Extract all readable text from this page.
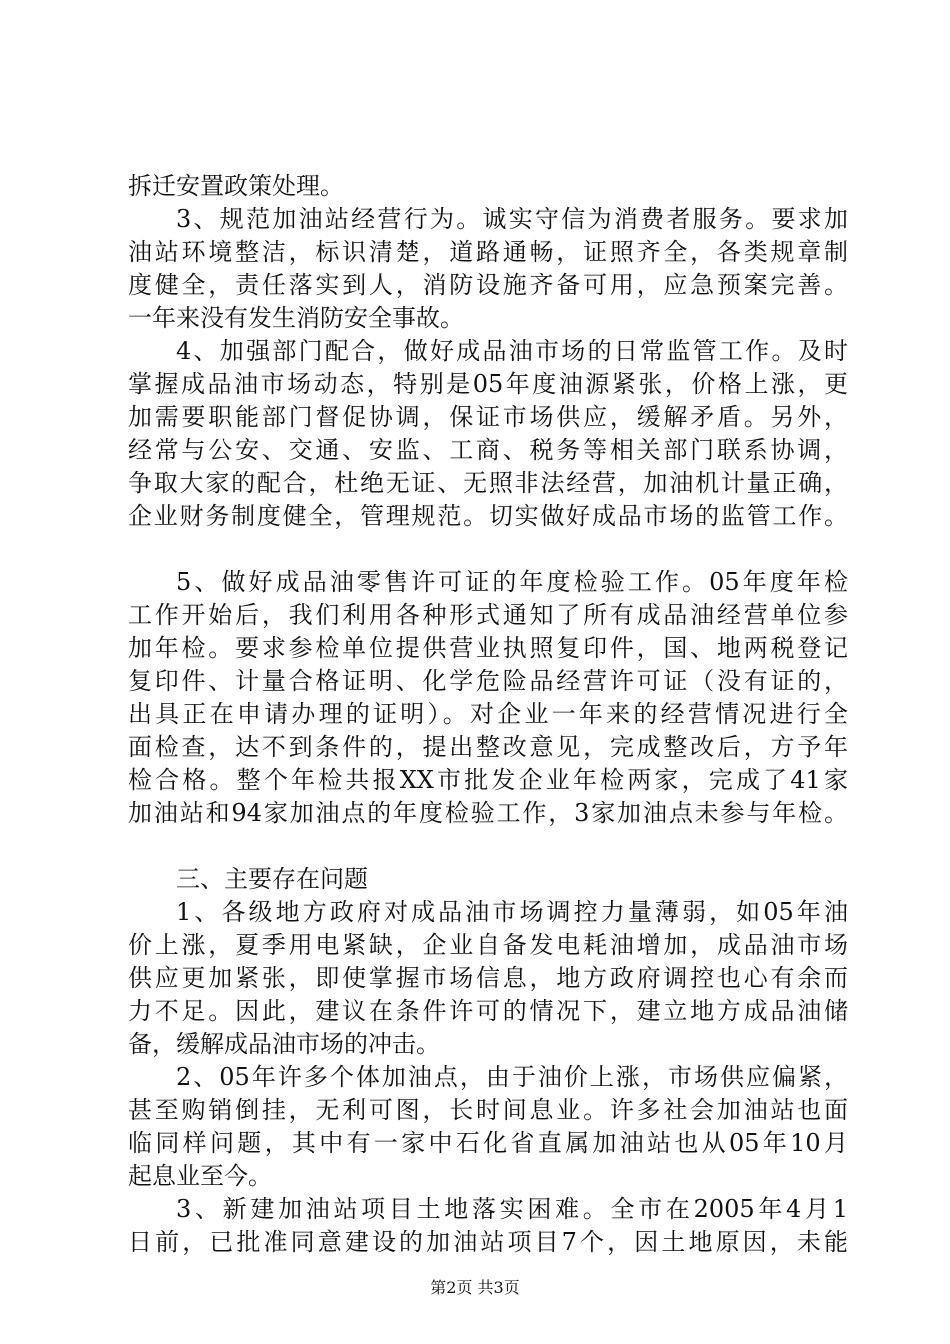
拆迁安置政策处理。
3、规范加油站经营行为。诚实守信为消费者服务。要求加
油站环境整洁，标识清楚，道路通畅，证照齐全，各类规章制
度健全，责任落实到人，消防设施齐备可用，应急预案完善。
一年来没有发生消防安全事故。
4、加强部门配合，做好成品油市场的日常监管工作。及时
掌握成品油市场动态，特别是05年度油源紧张，价格上涨，更
加需要职能部门督促协调，保证市场供应，缓解矛盾。另外，
经常与公安、交通、安监、工商、税务等相关部门联系协调，
争取大家的配合，杜绝无证、无照非法经营，加油机计量正确，
企业财务制度健全，管理规范。切实做好成品市场的监管工作。
5、做好成品油零售许可证的年度检验工作。05年度年检
工作开始后，我们利用各种形式通知了所有成品油经营单位参
加年检。要求参检单位提供营业执照复印件，国、地两税登记
复印件、计量合格证明、化学危险品经营许可证（没有证的，
出具正在申请办理的证明）。对企业一年来的经营情况进行全
面检查，达不到条件的，提出整改意见，完成整改后，方予年
检合格。整个年检共报XX市批发企业年检两家，完成了41家
加油站和94家加油点的年度检验工作，3家加油点未参与年检。
三、主要存在问题
1、各级地方政府对成品油市场调控力量薄弱，如05年油
价上涨，夏季用电紧缺，企业自备发电耗油增加，成品油市场
供应更加紧张，即使掌握市场信息，地方政府调控也心有余而
力不足。因此，建议在条件许可的情况下，建立地方成品油储
备，缓解成品油市场的冲击。
2、05年许多个体加油点，由于油价上涨，市场供应偏紧，
甚至购销倒挂，无利可图，长时间息业。许多社会加油站也面
临同样问题，其中有一家中石化省直属加油站也从05年10月
起息业至今。
3、新建加油站项目土地落实困难。全市在2005年4月1
日前，已批准同意建设的加油站项目7个，因土地原因，未能
第2页 共3页
